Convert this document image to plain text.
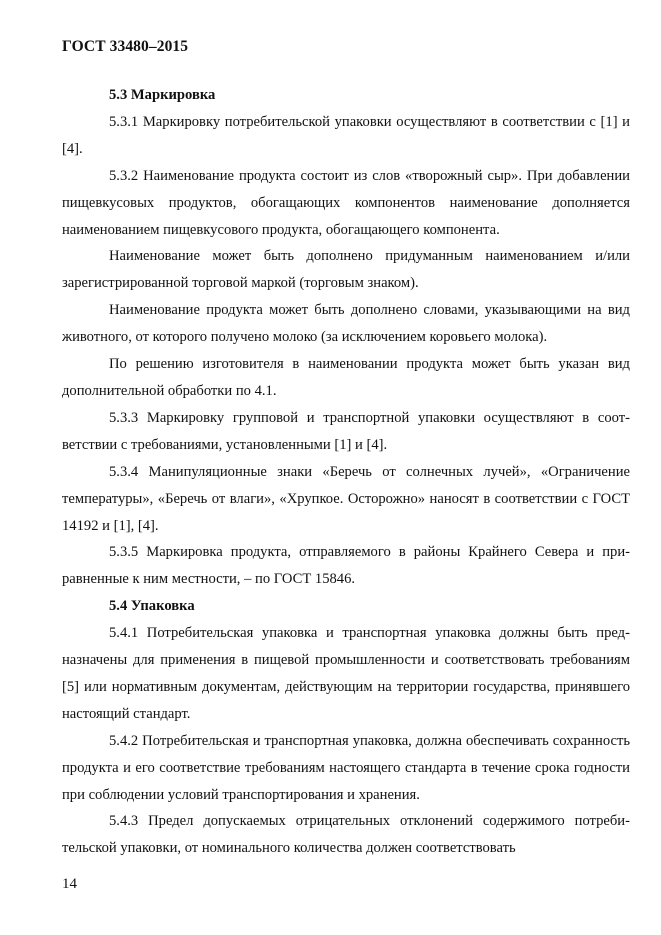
ГОСТ 33480–2015
5.3 Маркировка

5.3.1 Маркировку потребительской упаковки осуществляют в соответствии с [1] и [4].

5.3.2 Наименование продукта состоит из слов «творожный сыр». При добавлении пищевкусовых продуктов, обогащающих компонентов наименование дополняется наименованием пищевкусового продукта, обогащающего компонента.

Наименование может быть дополнено придуманным наименованием и/или зарегистрированной торговой маркой (торговым знаком).

Наименование продукта может быть дополнено словами, указывающими на вид животного, от которого получено молоко (за исключением коровьего молока).

По решению изготовителя в наименовании продукта может быть указан вид дополнительной обработки по 4.1.

5.3.3 Маркировку групповой и транспортной упаковки осуществляют в соответствии с требованиями, установленными [1] и [4].

5.3.4 Манипуляционные знаки «Беречь от солнечных лучей», «Ограничение температуры», «Беречь от влаги», «Хрупкое. Осторожно» наносят в соответствии с ГОСТ 14192 и [1], [4].

5.3.5 Маркировка продукта, отправляемого в районы Крайнего Севера и приравненные к ним местности, – по ГОСТ 15846.

5.4 Упаковка

5.4.1 Потребительская упаковка и транспортная упаковка должны быть предназначены для применения в пищевой промышленности и соответствовать требованиям [5] или нормативным документам, действующим на территории государства, принявшего настоящий стандарт.

5.4.2 Потребительская и транспортная упаковка, должна обеспечивать сохранность продукта и его соответствие требованиям настоящего стандарта в течение срока годности при соблюдении условий транспортирования и хранения.

5.4.3 Предел допускаемых отрицательных отклонений содержимого потребительской упаковки, от номинального количества должен соответствовать

14
